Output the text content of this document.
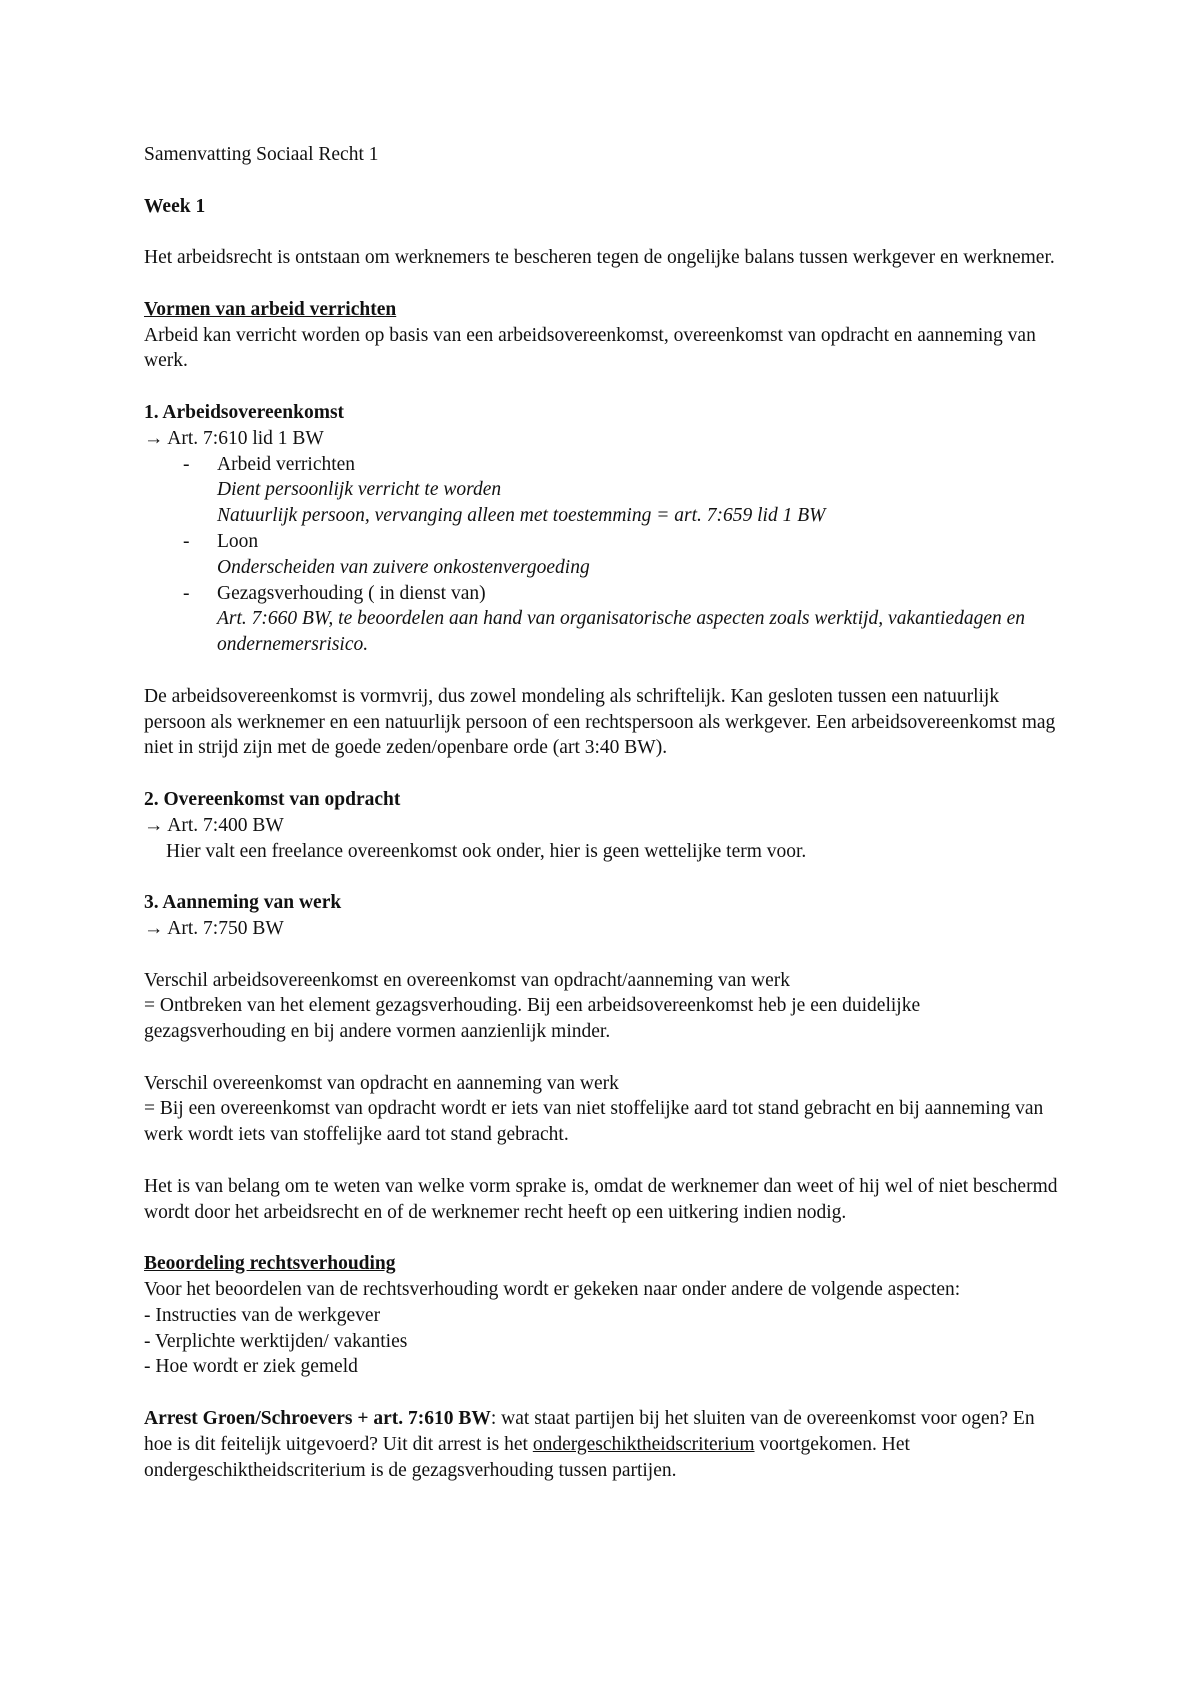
Samenvatting Sociaal Recht 1

Week 1

Het arbeidsrecht is ontstaan om werknemers te bescheren tegen de ongelijke balans tussen werkgever en werknemer.

Vormen van arbeid verrichten

Arbeid kan verricht worden op basis van een arbeidsovereenkomst, overeenkomst van opdracht en aanneming van werk.

1. Arbeidsovereenkomst

→ Art. 7:610 lid 1 BW

- Arbeid verrichten
Dient persoonlijk verricht te worden
Natuurlijk persoon, vervanging alleen met toestemming = art. 7:659 lid 1 BW
- Loon
Onderscheiden van zuivere onkostenvergoeding
- Gezagsverhouding ( in dienst van)
Art. 7:660 BW, te beoordelen aan hand van organisatorische aspecten zoals werktijd, vakantiedagen en ondernemersrisico.

De arbeidsovereenkomst is vormvrij, dus zowel mondeling als schriftelijk. Kan gesloten tussen een natuurlijk persoon als werknemer en een natuurlijk persoon of een rechtspersoon als werkgever. Een arbeidsovereenkomst mag niet in strijd zijn met de goede zeden/openbare orde (art 3:40 BW).

2. Overeenkomst van opdracht

→ Art. 7:400 BW

Hier valt een freelance overeenkomst ook onder, hier is geen wettelijke term voor.

3. Aanneming van werk

→ Art. 7:750 BW

Verschil arbeidsovereenkomst en overeenkomst van opdracht/aanneming van werk

= Ontbreken van het element gezagsverhouding. Bij een arbeidsovereenkomst heb je een duidelijke gezagsverhouding en bij andere vormen aanzienlijk minder.

Verschil overeenkomst van opdracht en aanneming van werk

= Bij een overeenkomst van opdracht wordt er iets van niet stoffelijke aard tot stand gebracht en bij aanneming van werk wordt iets van stoffelijke aard tot stand gebracht.

Het is van belang om te weten van welke vorm sprake is, omdat de werknemer dan weet of hij wel of niet beschermd wordt door het arbeidsrecht en of de werknemer recht heeft op een uitkering indien nodig.

Beoordeling rechtsverhouding

Voor het beoordelen van de rechtsverhouding wordt er gekeken naar onder andere de volgende aspecten:

- Instructies van de werkgever

- Verplichte werktijden/ vakanties

- Hoe wordt er ziek gemeld

Arrest Groen/Schroevers + art. 7:610 BW: wat staat partijen bij het sluiten van de overeenkomst voor ogen? En hoe is dit feitelijk uitgevoerd? Uit dit arrest is het ondergeschiktheidscriterium voortgekomen. Het ondergeschiktheidscriterium is de gezagsverhouding tussen partijen.
